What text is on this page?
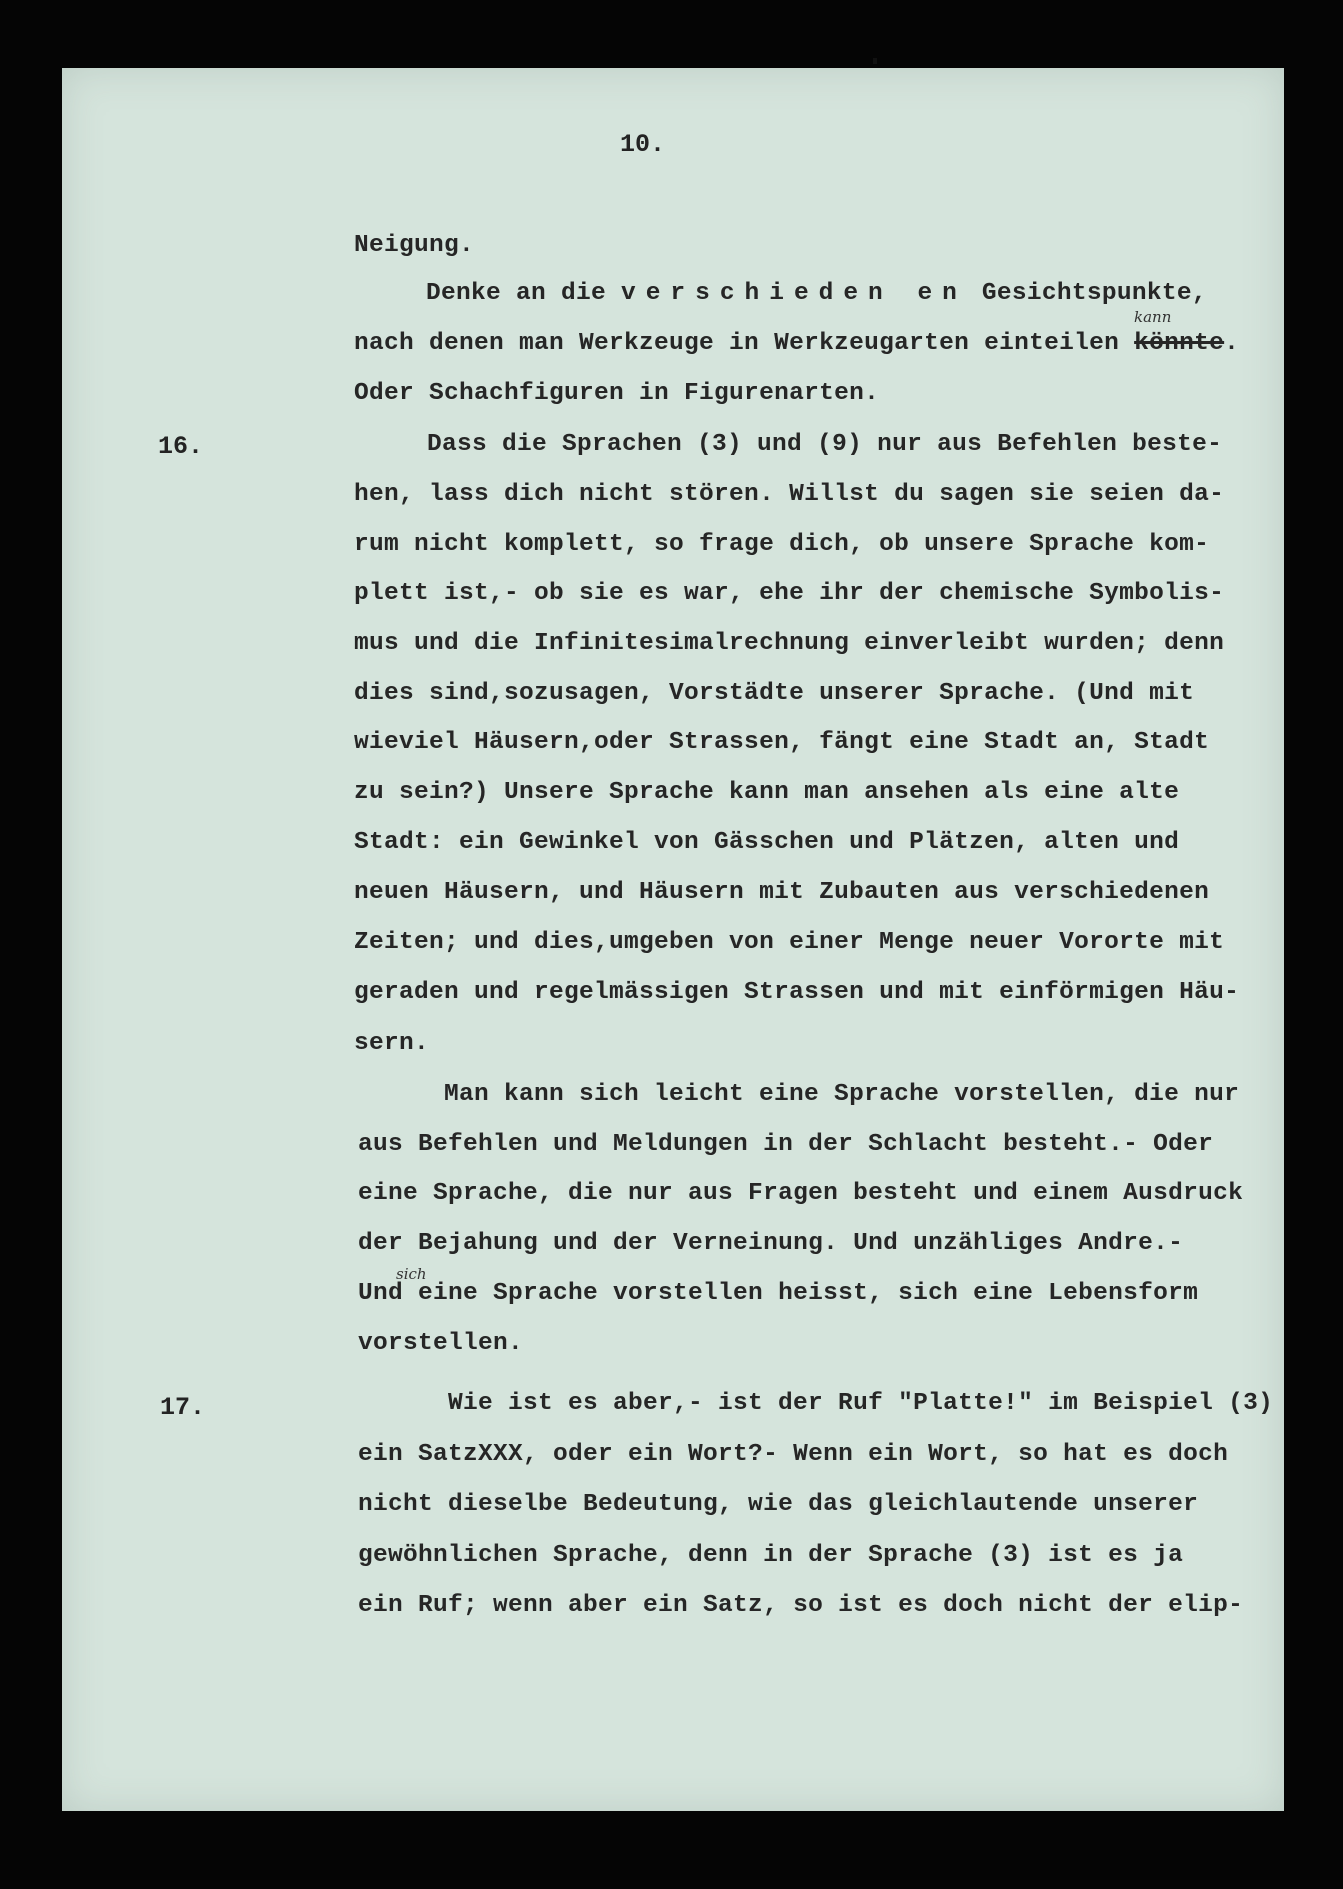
10.
16.
17.
Neigung.
Denke an die verschieden en Gesichtspunkte,
kann
nach denen man Werkzeuge in Werkzeugarten einteilen könnte.
Oder Schachfiguren in Figurenarten.
Dass die Sprachen (3) und (9) nur aus Befehlen beste-
hen, lass dich nicht stören. Willst du sagen sie seien da-
rum nicht komplett, so frage dich, ob unsere Sprache kom-
plett ist,- ob sie es war, ehe ihr der chemische Symbolis-
mus und die Infinitesimalrechnung einverleibt wurden; denn
dies sind,sozusagen, Vorstädte unserer Sprache. (Und mit
wieviel Häusern,oder Strassen, fängt eine Stadt an, Stadt
zu sein?) Unsere Sprache kann man ansehen als eine alte
Stadt: ein Gewinkel von Gässchen und Plätzen, alten und
neuen Häusern, und Häusern mit Zubauten aus verschiedenen
Zeiten; und dies,umgeben von einer Menge neuer Vororte mit
geraden und regelmässigen Strassen und mit einförmigen Häu-
sern.
Man kann sich leicht eine Sprache vorstellen, die nur
aus Befehlen und Meldungen in der Schlacht besteht.- Oder
eine Sprache, die nur aus Fragen besteht und einem Ausdruck
der Bejahung und der Verneinung. Und unzähliges Andre.-
sich
Und eine Sprache vorstellen heisst, sich eine Lebensform
vorstellen.
Wie ist es aber,- ist der Ruf "Platte!" im Beispiel (3)
ein SatzXXX, oder ein Wort?- Wenn ein Wort, so hat es doch
nicht dieselbe Bedeutung, wie das gleichlautende unserer
gewöhnlichen Sprache, denn in der Sprache (3) ist es ja
ein Ruf; wenn aber ein Satz, so ist es doch nicht der elip-
